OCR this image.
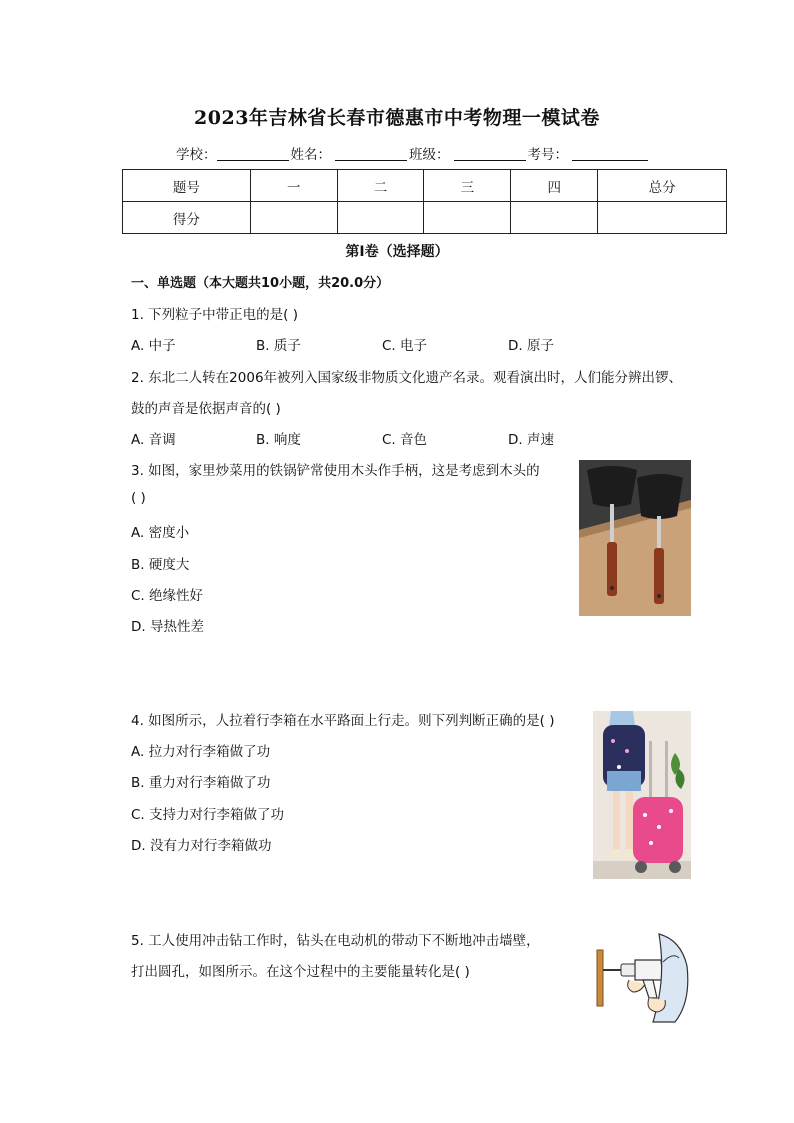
2023年吉林省长春市德惠市中考物理一模试卷
学校：	姓名：	班级：	考号：
题号	一	二	三	四	总分
得分					
第Ⅰ卷（选择题）
一、单选题（本大题共10小题，共20.0分）
1. 下列粒子中带正电的是( )
A. 中子	B. 质子	C. 电子	D. 原子
2. 东北二人转在2006年被列入国家级非物质文化遗产名录。观看演出时，人们能分辨出锣、
鼓的声音是依据声音的( )
A. 音调	B. 响度	C. 音色	D. 声速
3. 如图，家里炒菜用的铁锅铲常使用木头作手柄，这是考虑到木头的
( )
A. 密度小
B. 硬度大
C. 绝缘性好
D. 导热性差
4. 如图所示，人拉着行李箱在水平路面上行走。则下列判断正确的是( )
A. 拉力对行李箱做了功
B. 重力对行李箱做了功
C. 支持力对行李箱做了功
D. 没有力对行李箱做功
5. 工人使用冲击钻工作时，钻头在电动机的带动下不断地冲击墙壁，
打出圆孔，如图所示。在这个过程中的主要能量转化是( )
